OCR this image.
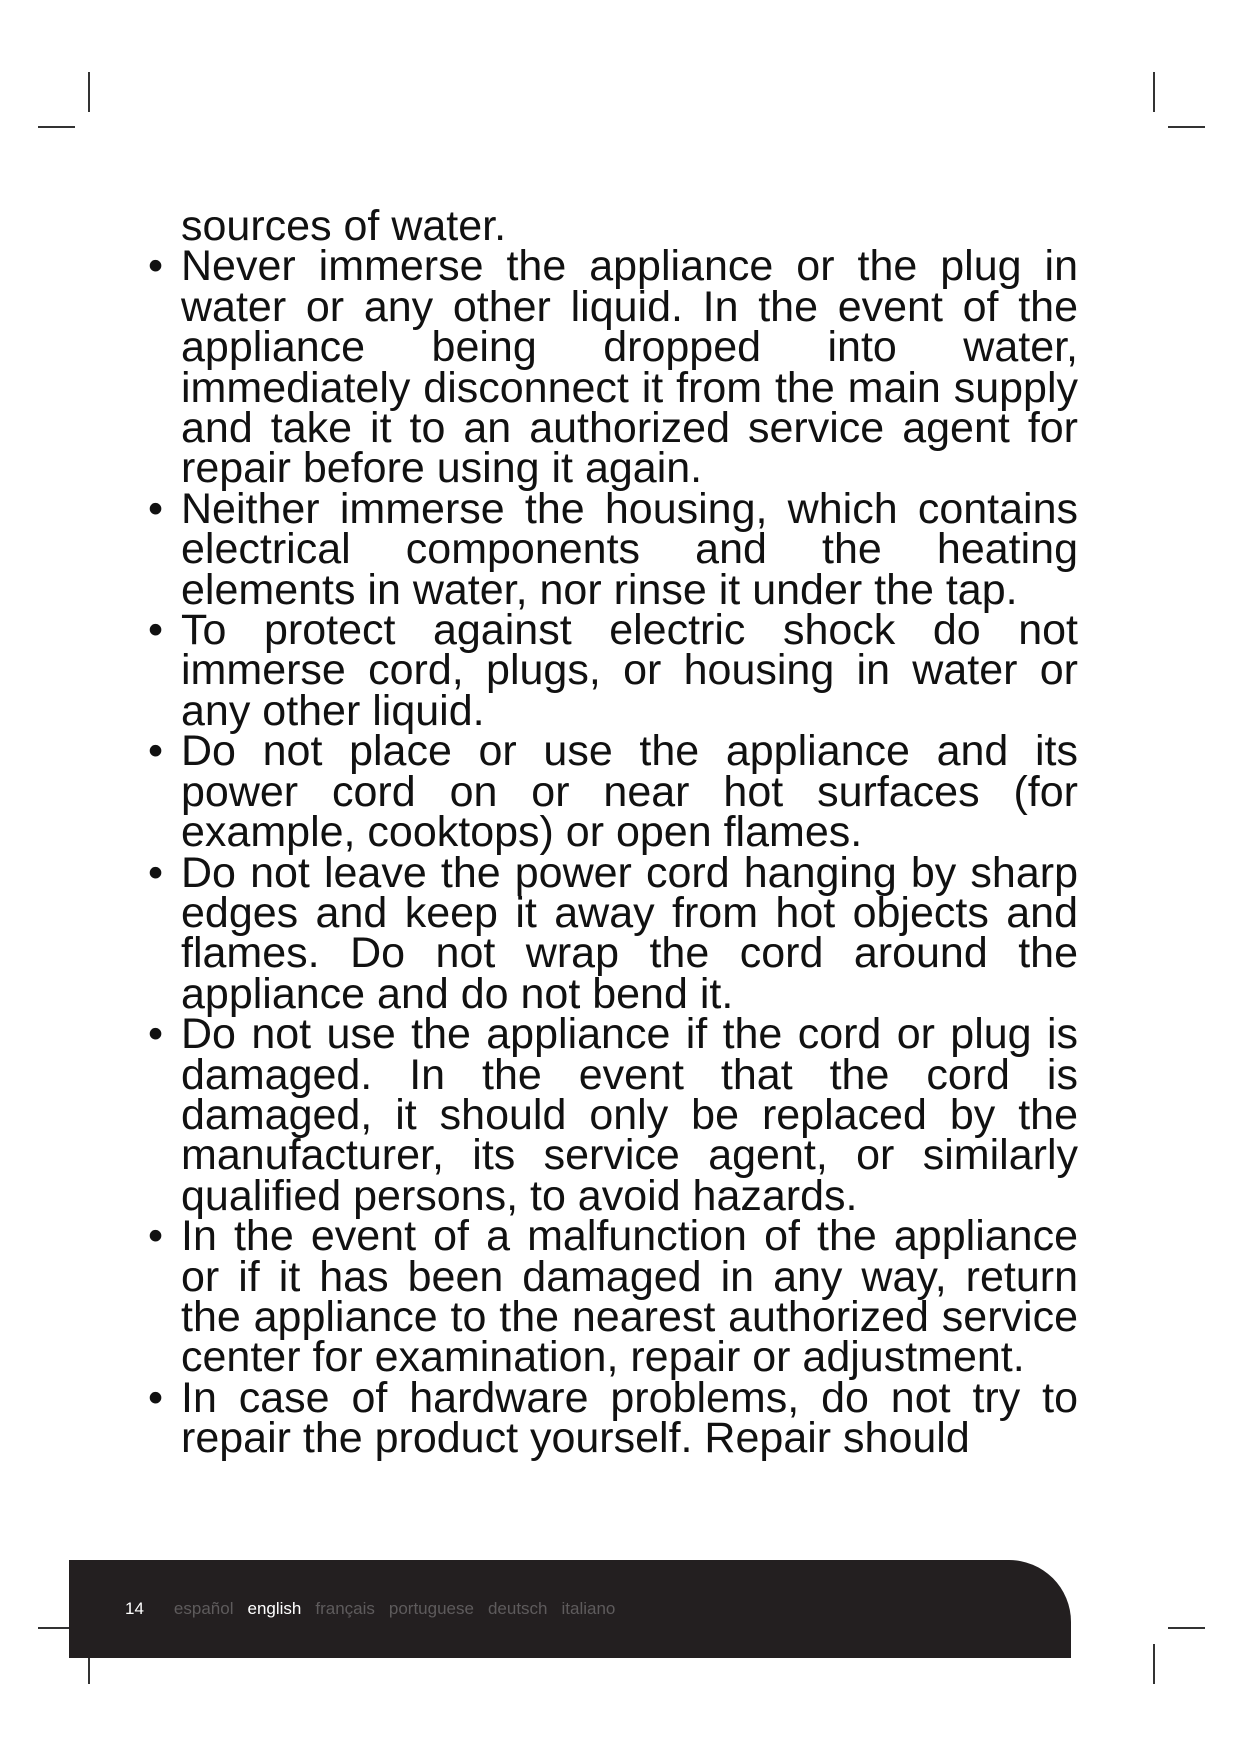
sources of water.
• Never immerse the appliance or the plug in water or any other liquid. In the event of the appliance being dropped into water, immediately disconnect it from the main supply and take it to an authorized service agent for repair before using it again.
• Neither immerse the housing, which contains electrical components and the heating elements in water, nor rinse it under the tap.
• To protect against electric shock do not immerse cord, plugs, or housing in water or any other liquid.
• Do not place or use the appliance and its power cord on or near hot surfaces (for example, cooktops) or open flames.
• Do not leave the power cord hanging by sharp edges and keep it away from hot objects and flames. Do not wrap the cord around the appliance and do not bend it.
• Do not use the appliance if the cord or plug is damaged. In the event that the cord is damaged, it should only be replaced by the manufacturer, its service agent, or similarly qualified persons, to avoid hazards.
• In the event of a malfunction of the appliance or if it has been damaged in any way, return the appliance to the nearest authorized service center for examination, repair or adjustment.
• In case of hardware problems, do not try to repair the product yourself. Repair should
14 español english français portuguese deutsch italiano
